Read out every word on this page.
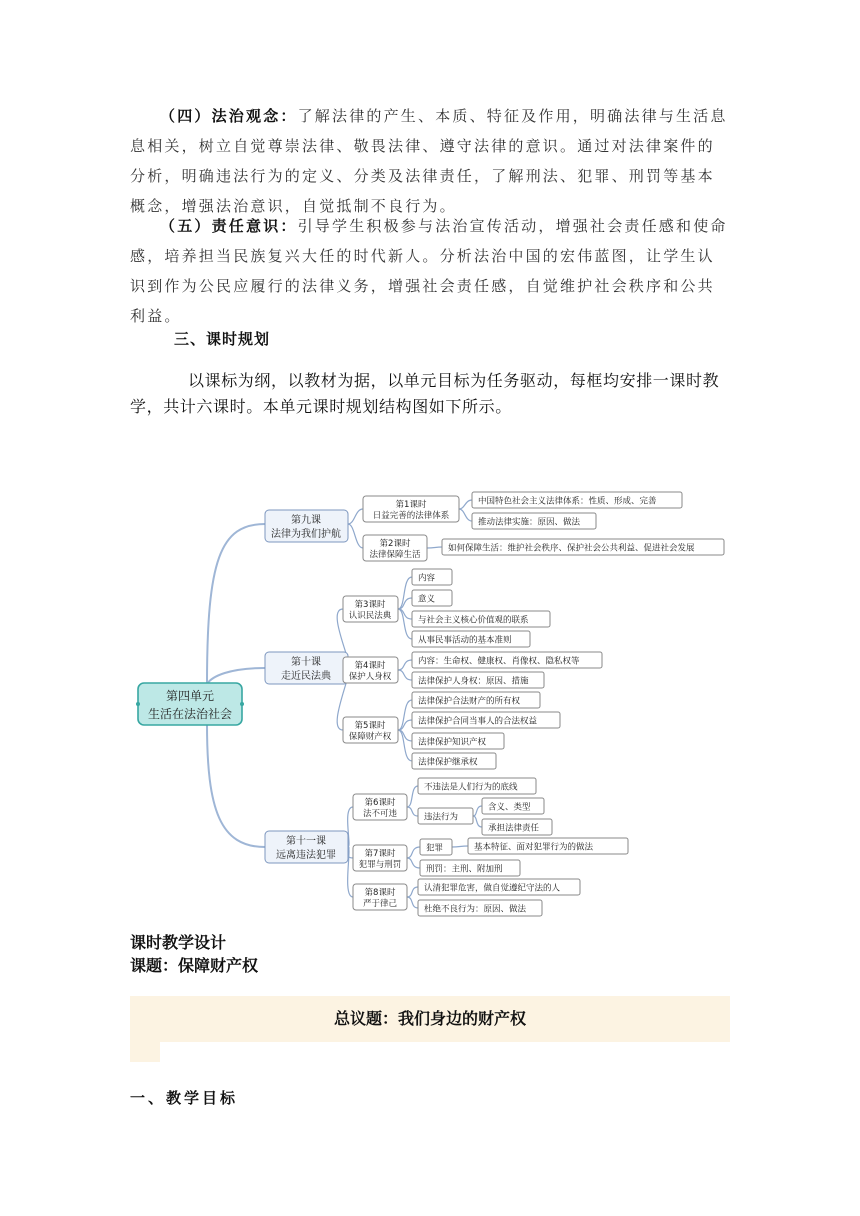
（四）法治观念：了解法律的产生、本质、特征及作用，明确法律与生活息息相关，树立自觉尊崇法律、敬畏法律、遵守法律的意识。通过对法律案件的分析，明确违法行为的定义、分类及法律责任，了解刑法、犯罪、刑罚等基本概念，增强法治意识，自觉抵制不良行为。

（五）责任意识：引导学生积极参与法治宣传活动，增强社会责任感和使命感，培养担当民族复兴大任的时代新人。分析法治中国的宏伟蓝图，让学生认识到作为公民应履行的法律义务，增强社会责任感，自觉维护社会秩序和公共利益。

三、课时规划

以课标为纲，以教材为据，以单元目标为任务驱动，每框均安排一课时教学，共计六课时。本单元课时规划结构图如下所示。

第四单元
生活在法治社会
第九课
法律为我们护航
第十课
走近民法典
第十一课
远离违法犯罪
第1课时
日益完善的法律体系
第2课时
法律保障生活
第3课时
认识民法典
第4课时
保护人身权
第5课时
保障财产权
第6课时
法不可违
第7课时
犯罪与刑罚
第8课时
严于律己
中国特色社会主义法律体系：性质、形成、完善
推动法律实施：原因、做法
如何保障生活：维护社会秩序、保护社会公共利益、促进社会发展
内容
意义
与社会主义核心价值观的联系
从事民事活动的基本准则
内容：生命权、健康权、肖像权、隐私权等
法律保护人身权：原因、措施
法律保护合法财产的所有权
法律保护合同当事人的合法权益
法律保护知识产权
法律保护继承权
不违法是人们行为的底线
违法行为
含义、类型
承担法律责任
犯罪	基本特征、面对犯罪行为的做法
刑罚：主刑、附加刑
认清犯罪危害，做自觉遵纪守法的人
杜绝不良行为：原因、做法
课时教学设计
课题：保障财产权
总议题：我们身边的财产权
一、教学目标
